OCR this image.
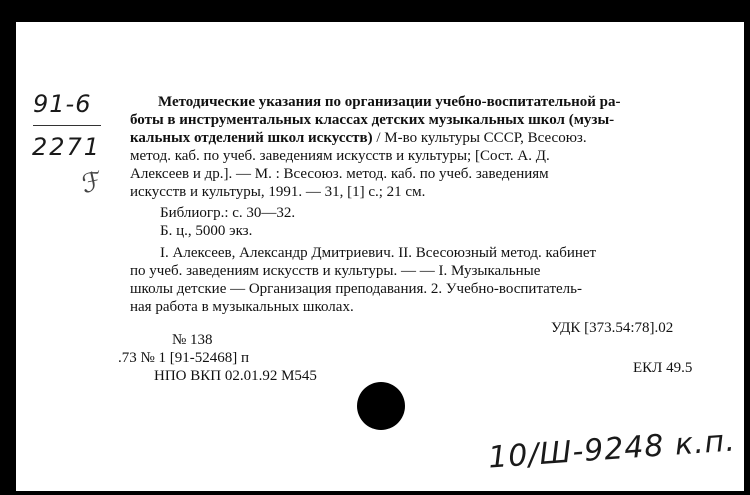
91-6
2271
ℱ
Методические указания по организации учебно-воспитательной ра-
боты в инструментальных классах детских музыкальных школ (музы-
кальных отделений школ искусств) / М-во культуры СССР, Всесоюз.
метод. каб. по учеб. заведениям искусств и культуры; [Сост. А. Д.
Алексеев и др.]. — М. : Всесоюз. метод. каб. по учеб. заведениям
искусств и культуры, 1991. — 31, [1] с.; 21 см.
Библиогр.: с. 30—32.
Б. ц., 5000 экз.
I. Алексеев, Александр Дмитриевич. II. Всесоюзный метод. кабинет
по учеб. заведениям искусств и культуры. — — I. Музыкальные
школы детские — Организация преподавания. 2. Учебно-воспитатель-
ная работа в музыкальных школах.
УДК [373.54:78].02
№ 138
.73 № 1 [91-52468] п
ЕКЛ 49.5
НПО ВКП 02.01.92 М545
10/Ш-9248 к.п.
